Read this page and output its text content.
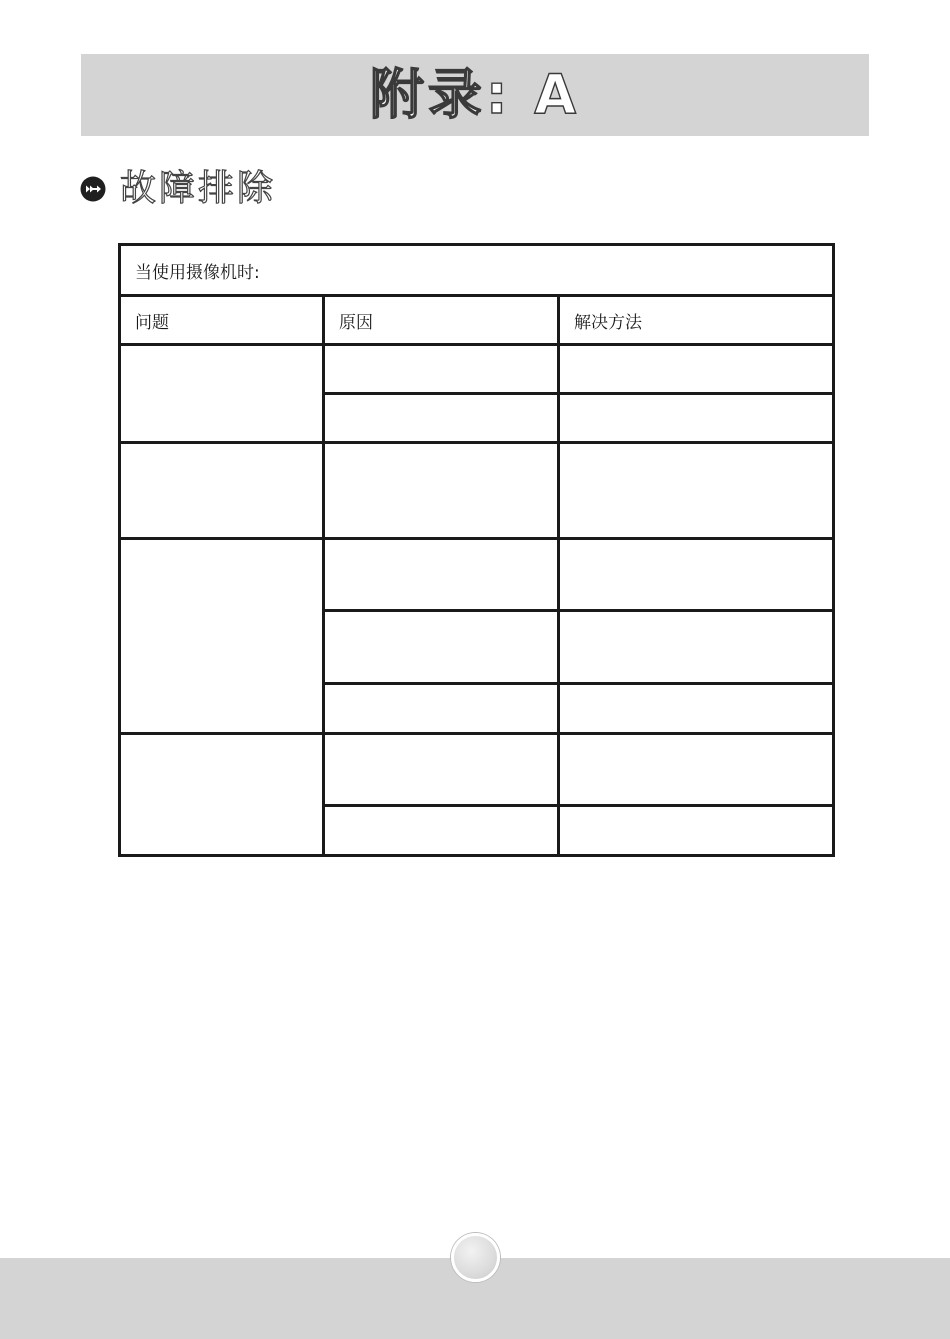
附录: A
故障排除
当使用摄像机时:		
问题	原因	解决方法
